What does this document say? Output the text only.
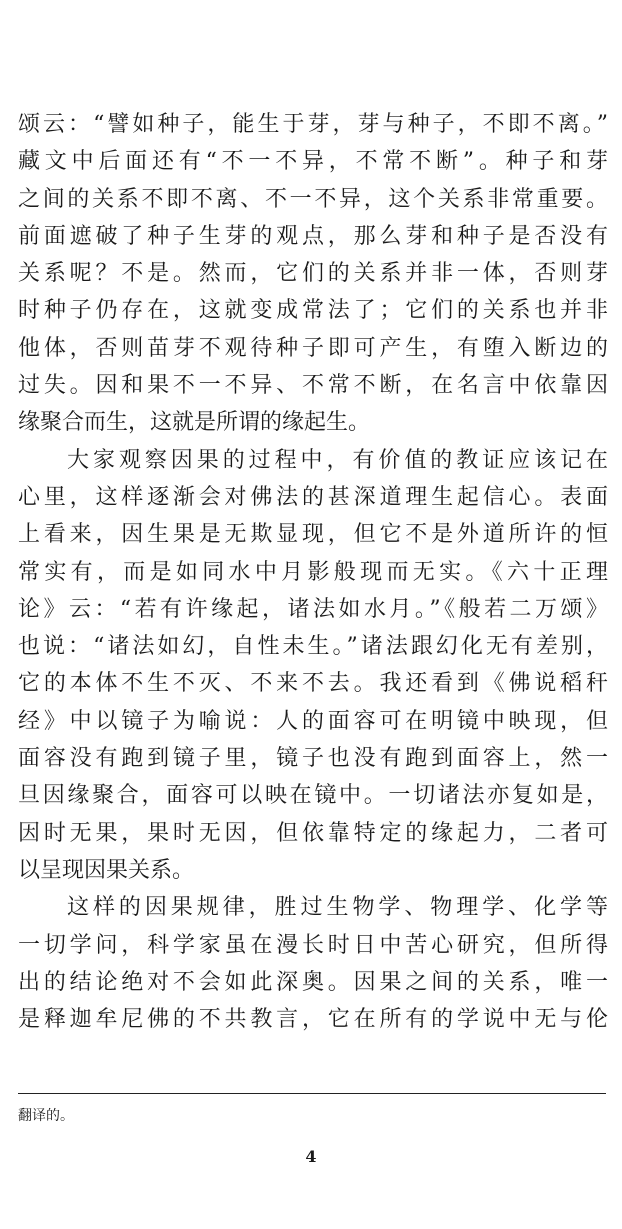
颂云：“譬如种子，能生于芽，芽与种子，不即不离。”
藏文中后面还有“不一不异，不常不断”。种子和芽
之间的关系不即不离、不一不异，这个关系非常重要。
前面遮破了种子生芽的观点，那么芽和种子是否没有
关系呢？不是。然而，它们的关系并非一体，否则芽
时种子仍存在，这就变成常法了；它们的关系也并非
他体，否则苗芽不观待种子即可产生，有堕入断边的
过失。因和果不一不异、不常不断，在名言中依靠因
缘聚合而生，这就是所谓的缘起生。
大家观察因果的过程中，有价值的教证应该记在
心里，这样逐渐会对佛法的甚深道理生起信心。表面
上看来，因生果是无欺显现，但它不是外道所许的恒
常实有，而是如同水中月影般现而无实。《六十正理
论》云：“若有许缘起，诸法如水月。”《般若二万颂》
也说：“诸法如幻，自性未生。”诸法跟幻化无有差别，
它的本体不生不灭、不来不去。我还看到《佛说稻秆
经》中以镜子为喻说：人的面容可在明镜中映现，但
面容没有跑到镜子里，镜子也没有跑到面容上，然一
旦因缘聚合，面容可以映在镜中。一切诸法亦复如是，
因时无果，果时无因，但依靠特定的缘起力，二者可
以呈现因果关系。
这样的因果规律，胜过生物学、物理学、化学等
一切学问，科学家虽在漫长时日中苦心研究，但所得
出的结论绝对不会如此深奥。因果之间的关系，唯一
是释迦牟尼佛的不共教言，它在所有的学说中无与伦
翻译的。
4
